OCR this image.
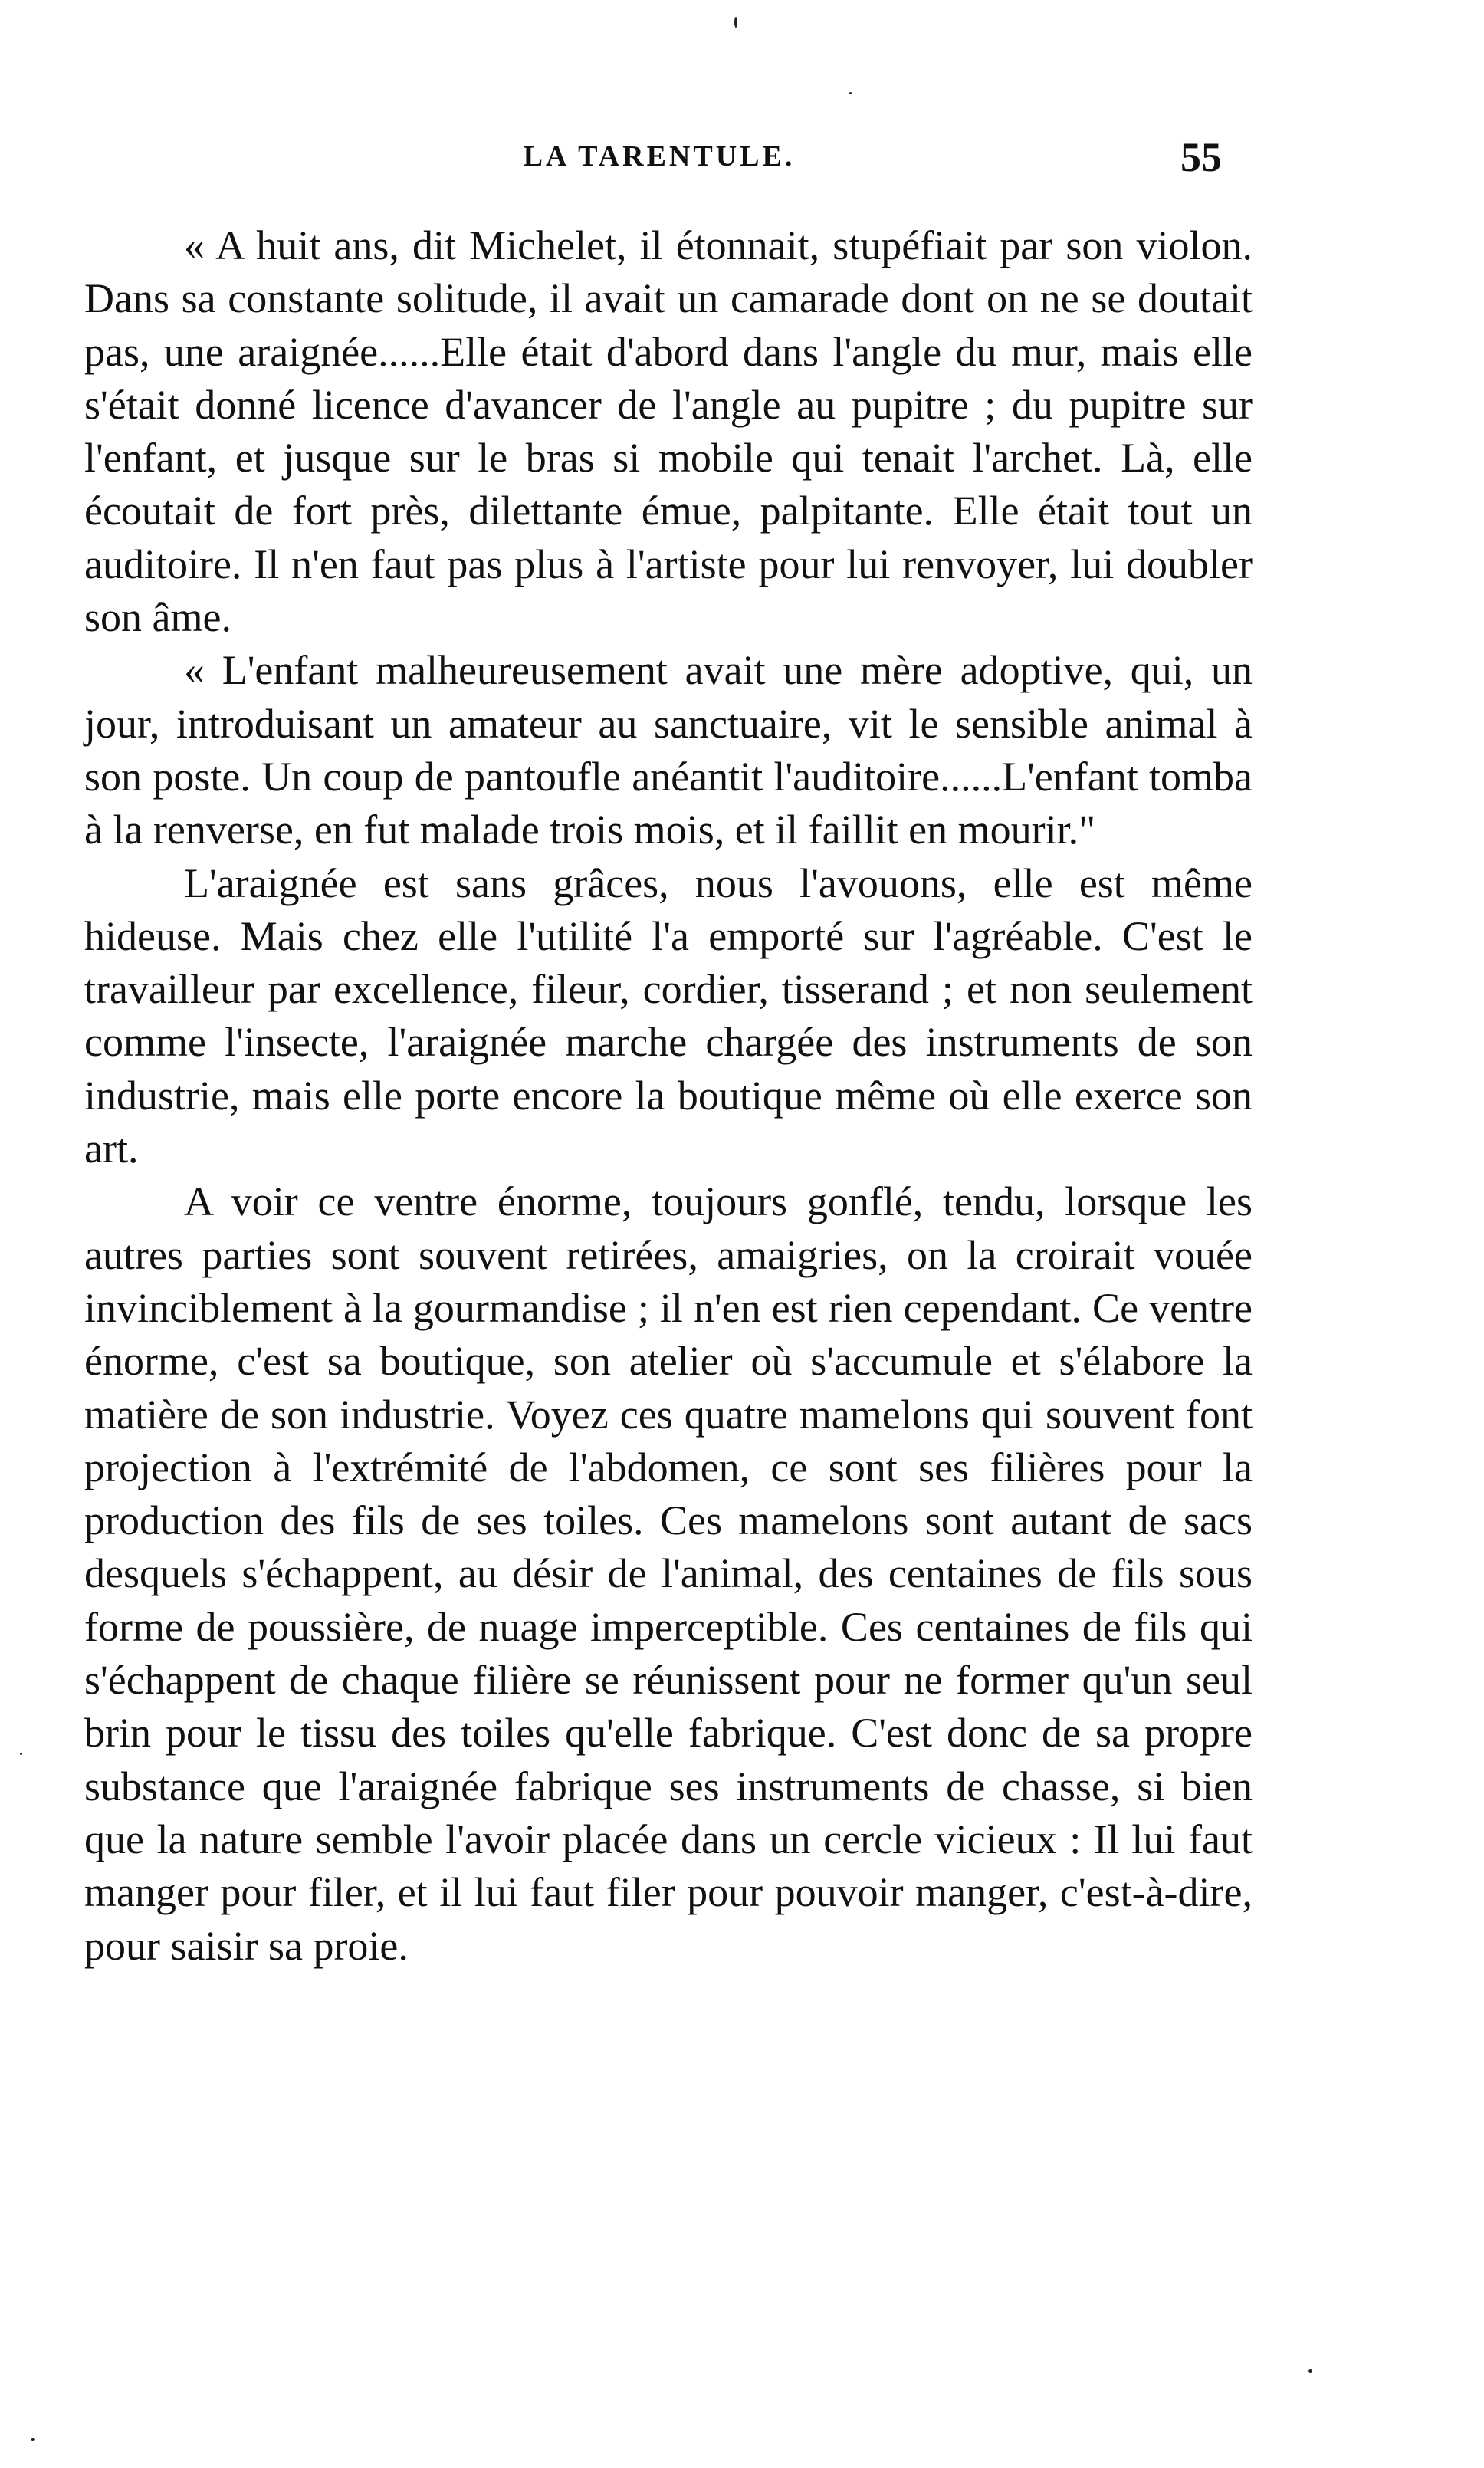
LA TARENTULE.	55

« A huit ans, dit Michelet, il étonnait, stupéfiait par son violon. Dans sa constante solitude, il avait un camarade dont on ne se doutait pas, une araignée......Elle était d'abord dans l'angle du mur, mais elle s'était donné licence d'avancer de l'angle au pupitre ; du pupitre sur l'enfant, et jusque sur le bras si mobile qui tenait l'archet. Là, elle écoutait de fort près, dilettante émue, palpitante. Elle était tout un auditoire. Il n'en faut pas plus à l'artiste pour lui renvoyer, lui doubler son âme.

« L'enfant malheureusement avait une mère adoptive, qui, un jour, introduisant un amateur au sanctuaire, vit le sensible animal à son poste. Un coup de pantoufle anéantit l'auditoire......L'enfant tomba à la renverse, en fut malade trois mois, et il faillit en mourir."

L'araignée est sans grâces, nous l'avouons, elle est même hideuse. Mais chez elle l'utilité l'a emporté sur l'agréable. C'est le travailleur par excellence, fileur, cordier, tisserand ; et non seulement comme l'insecte, l'araignée marche chargée des instruments de son industrie, mais elle porte encore la boutique même où elle exerce son art.

A voir ce ventre énorme, toujours gonflé, tendu, lorsque les autres parties sont souvent retirées, amaigries, on la croirait vouée invinciblement à la gourmandise ; il n'en est rien cependant. Ce ventre énorme, c'est sa boutique, son atelier où s'accumule et s'élabore la matière de son industrie. Voyez ces quatre mamelons qui souvent font projection à l'extrémité de l'abdomen, ce sont ses filières pour la production des fils de ses toiles. Ces mamelons sont autant de sacs desquels s'échappent, au désir de l'animal, des centaines de fils sous forme de poussière, de nuage imperceptible. Ces centaines de fils qui s'échappent de chaque filière se réunissent pour ne former qu'un seul brin pour le tissu des toiles qu'elle fabrique. C'est donc de sa propre substance que l'araignée fabrique ses instruments de chasse, si bien que la nature semble l'avoir placée dans un cercle vicieux : Il lui faut manger pour filer, et il lui faut filer pour pouvoir manger, c'est-à-dire, pour saisir sa proie.
